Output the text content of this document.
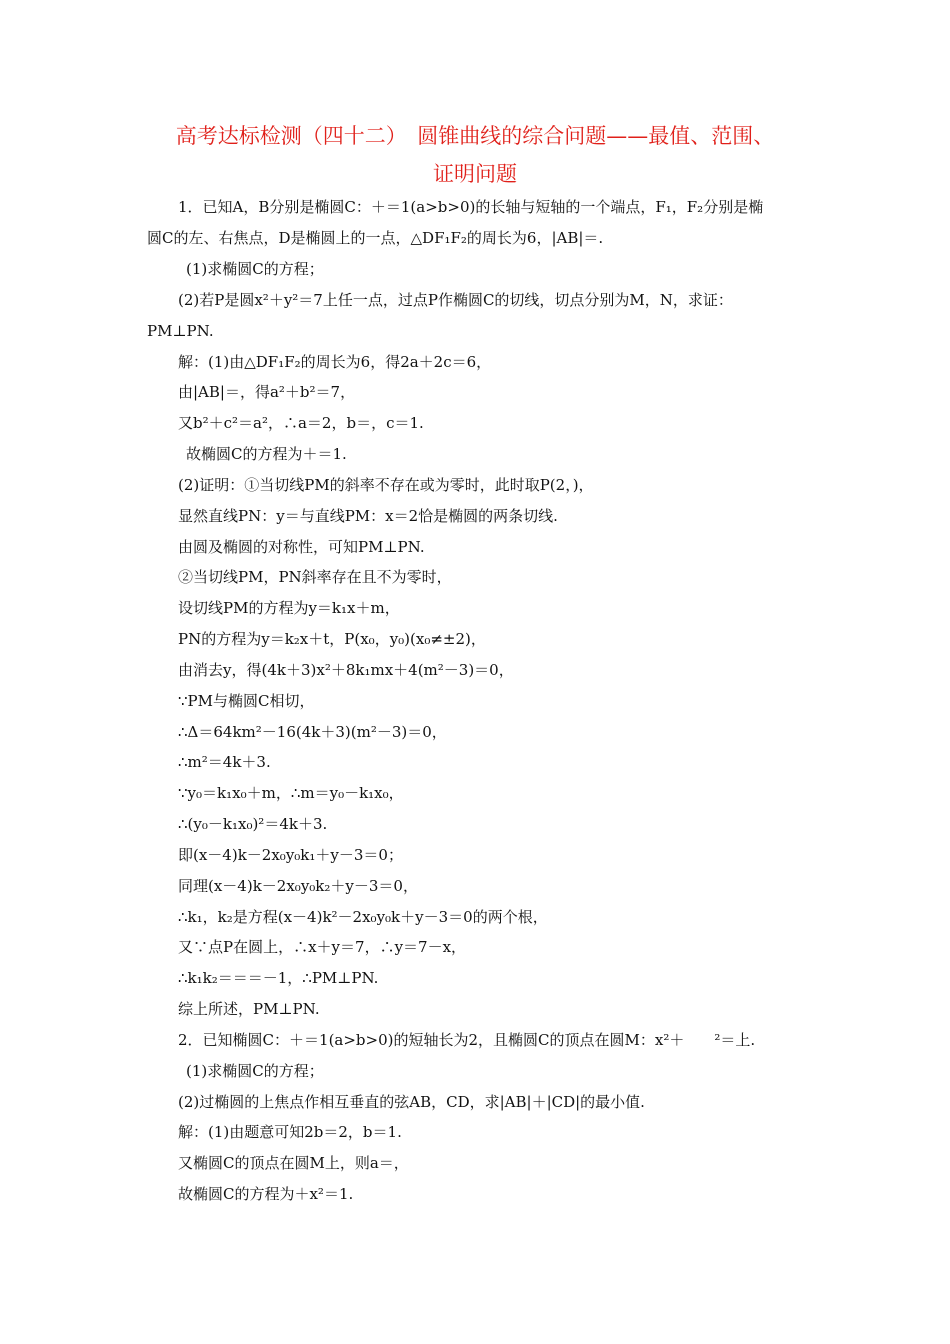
高考达标检测（四十二）　圆锥曲线的综合问题——最值、范围、
证明问题
1．已知A，B分别是椭圆C：＋＝1(a>b>0)的长轴与短轴的一个端点，F₁，F₂分别是椭
圆C的左、右焦点，D是椭圆上的一点，△DF₁F₂的周长为6，|AB|＝.
(1)求椭圆C的方程；
(2)若P是圆x²＋y²＝7上任一点，过点P作椭圆C的切线，切点分别为M，N，求证：
PM⊥PN.
解：(1)由△DF₁F₂的周长为6，得2a＋2c＝6，
由|AB|＝，得a²＋b²＝7，
又b²＋c²＝a²，∴a＝2，b＝，c＝1.
故椭圆C的方程为＋＝1.
(2)证明：①当切线PM的斜率不存在或为零时，此时取P(2，)，
显然直线PN：y＝与直线PM：x＝2恰是椭圆的两条切线.
由圆及椭圆的对称性，可知PM⊥PN.
②当切线PM，PN斜率存在且不为零时，
设切线PM的方程为y＝k₁x＋m，
PN的方程为y＝k₂x＋t，P(x₀，y₀)(x₀≠±2)，
由消去y，得(4k＋3)x²＋8k₁mx＋4(m²－3)＝0，
∵PM与椭圆C相切，
∴Δ＝64km²－16(4k＋3)(m²－3)＝0，
∴m²＝4k＋3.
∵y₀＝k₁x₀＋m，∴m＝y₀－k₁x₀，
∴(y₀－k₁x₀)²＝4k＋3.
即(x－4)k－2x₀y₀k₁＋y－3＝0；
同理(x－4)k－2x₀y₀k₂＋y－3＝0，
∴k₁，k₂是方程(x－4)k²－2x₀y₀k＋y－3＝0的两个根，
又∵点P在圆上，∴x＋y＝7，∴y＝7－x，
∴k₁k₂＝＝＝－1，∴PM⊥PN.
综上所述，PM⊥PN.
2．已知椭圆C：＋＝1(a>b>0)的短轴长为2，且椭圆C的顶点在圆M：x²＋　　²＝上.
(1)求椭圆C的方程；
(2)过椭圆的上焦点作相互垂直的弦AB，CD，求|AB|＋|CD|的最小值.
解：(1)由题意可知2b＝2，b＝1.
又椭圆C的顶点在圆M上，则a＝，
故椭圆C的方程为＋x²＝1.
